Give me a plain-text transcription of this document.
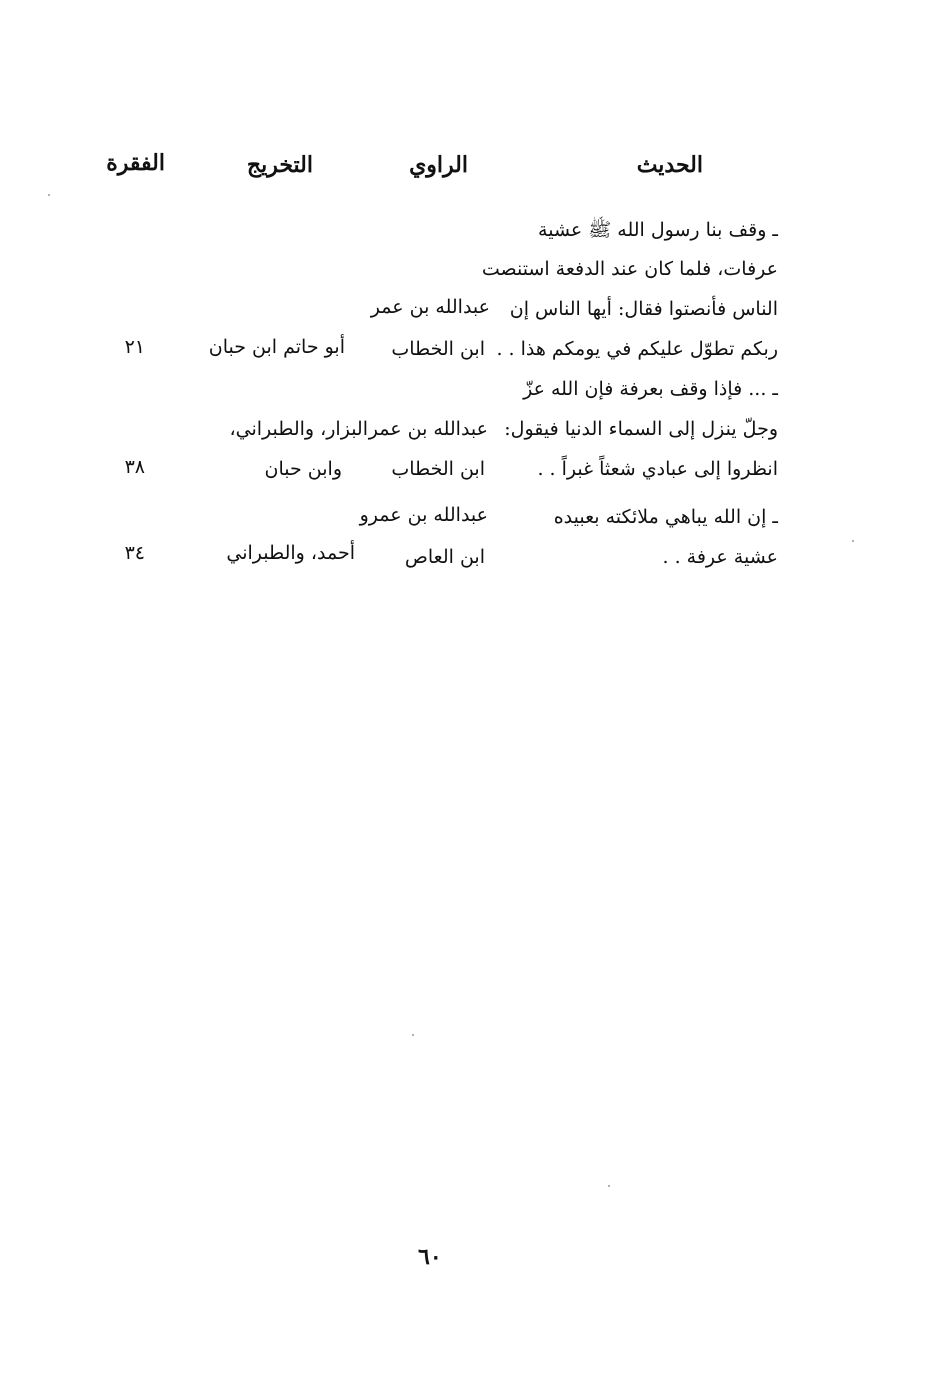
الحديث
الراوي
التخريج
الفقرة
ـ وقف بنا رسول الله ﷺ عشية
عرفات، فلما كان عند الدفعة استنصت
الناس فأنصتوا فقال: أيها الناس إن
ربكم تطوّل عليكم في يومكم هذا . .
عبدالله بن عمر
ابن الخطاب
أبو حاتم ابن حبان
٢١
ـ ... فإذا وقف بعرفة فإن الله عزّ
وجلّ ينزل إلى السماء الدنيا فيقول:
انظروا إلى عبادي شعثاً غبراً . .
عبدالله بن عمر
ابن الخطاب
البزار، والطبراني،
وابن حبان
٣٨
ـ إن الله يباهي ملائكته بعبيده
عشية عرفة . .
عبدالله بن عمرو
ابن العاص
أحمد، والطبراني
٣٤
٦٠
